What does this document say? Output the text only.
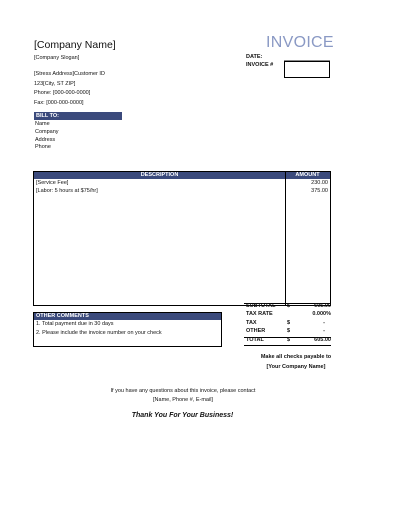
[Company Name]
[Company Slogan]
[Stress Address]Customer ID
123[City, ST ZIP]
Phone: [000-000-0000]
Fax: [000-000-0000]
INVOICE
DATE:
INVOICE #
BILL TO:
Name
Company
Address
Phone
DESCRIPTION	AMOUNT
[Service Fee]	230.00
[Labor: 5 hours at $75/hr]	375.00
SUBTOTAL $	605.00
TAX RATE	0.000%
TAX	$	-
OTHER	$	-
TOTAL	$	605.00
OTHER COMMENTS
1. Total payment due in 30 days
2. Please include the invoice number on your check
Make all checks payable to
[Your Company Name]
If you have any questions about this invoice, please contact
[Name, Phone #, E-mail]
Thank You For Your Business!
